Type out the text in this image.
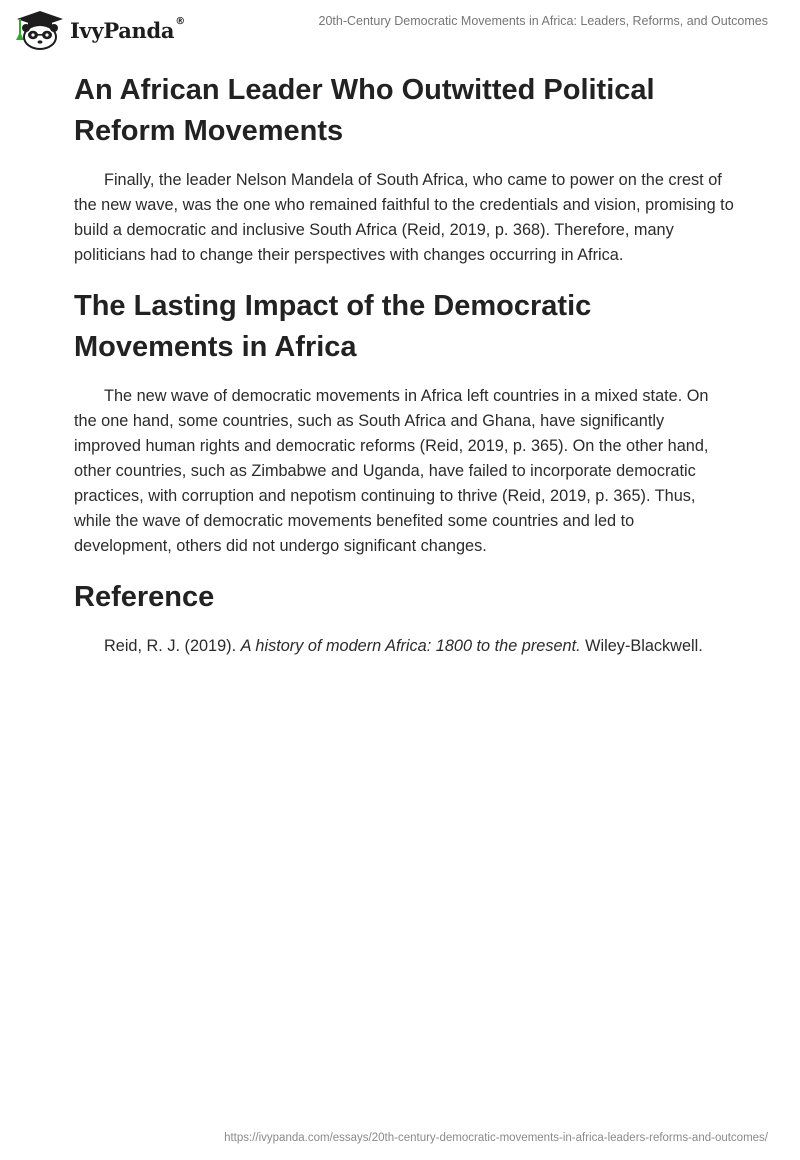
IvyPanda®	20th-Century Democratic Movements in Africa: Leaders, Reforms, and Outcomes
An African Leader Who Outwitted Political Reform Movements

Finally, the leader Nelson Mandela of South Africa, who came to power on the crest of the new wave, was the one who remained faithful to the credentials and vision, promising to build a democratic and inclusive South Africa (Reid, 2019, p. 368). Therefore, many politicians had to change their perspectives with changes occurring in Africa.

The Lasting Impact of the Democratic Movements in Africa

The new wave of democratic movements in Africa left countries in a mixed state. On the one hand, some countries, such as South Africa and Ghana, have significantly improved human rights and democratic reforms (Reid, 2019, p. 365). On the other hand, other countries, such as Zimbabwe and Uganda, have failed to incorporate democratic practices, with corruption and nepotism continuing to thrive (Reid, 2019, p. 365). Thus, while the wave of democratic movements benefited some countries and led to development, others did not undergo significant changes.

Reference

Reid, R. J. (2019). A history of modern Africa: 1800 to the present. Wiley-Blackwell.

https://ivypanda.com/essays/20th-century-democratic-movements-in-africa-leaders-reforms-and-outcomes/
